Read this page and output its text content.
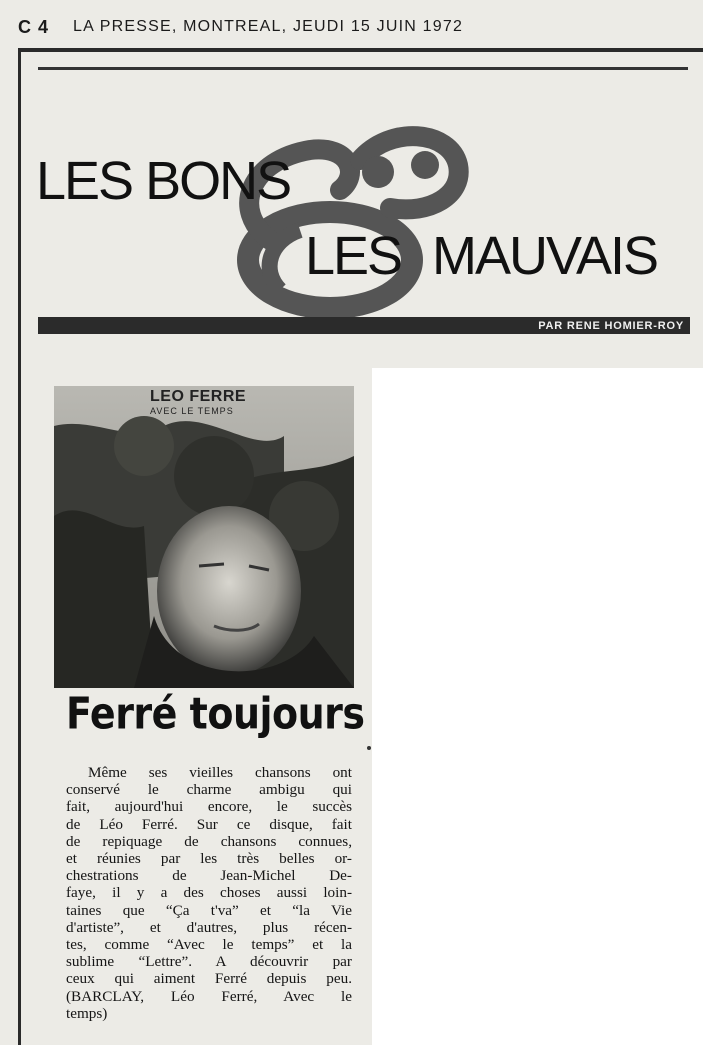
C 4 LA PRESSE, MONTREAL, JEUDI 15 JUIN 1972
LES BONS
LES MAUVAIS
PAR RENE HOMIER-ROY
LEO FERRE
AVEC LE TEMPS
Ferré toujours
Même ses vieilles chansons ont
conservé le charme ambigu qui
fait, aujourd'hui encore, le succès
de Léo Ferré. Sur ce disque, fait
de repiquage de chansons connues,
et réunies par les très belles or-
chestrations de Jean-Michel De-
faye, il y a des choses aussi loin-
taines que “Ça t'va” et “la Vie
d'artiste”, et d'autres, plus récen-
tes, comme “Avec le temps” et la
sublime “Lettre”. A découvrir par
ceux qui aiment Ferré depuis peu.
(BARCLAY, Léo Ferré, Avec le
temps)
